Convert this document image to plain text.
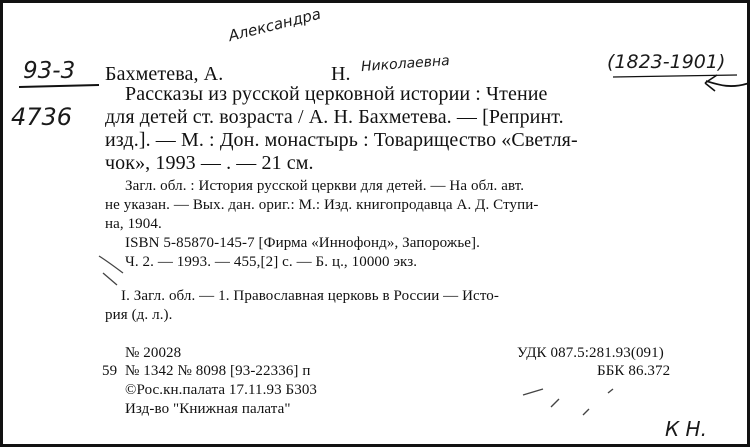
93-3
4736
Александра
Николаевна	(1823-1901)
Бахметева, А.	Н.
Рассказы из русской церковной истории : Чтение
для детей ст. возраста / А. Н. Бахметева. — [Репринт.
изд.]. — М. : Дон. монастырь : Товарищество «Светля-
чок», 1993 — . — 21 см.
Загл. обл. : История русской церкви для детей. — На обл. авт.
не указан. — Вых. дан. ориг.: М.: Изд. книгопродавца А. Д. Ступи-
на, 1904.
ISBN 5-85870-145-7 [Фирма «Иннофонд», Запорожье].
Ч. 2. — 1993. — 455,[2] с. — Б. ц., 10000 экз.
I. Загл. обл. — 1. Православная церковь в России — Исто-
рия (д. л.).
№ 20028
59 № 1342 № 8098 [93-22336] п
©Рос.кн.палата 17.11.93 Б303
Изд-во "Книжная палата"
УДК 087.5:281.93(091)
ББК 86.372
К Н.
